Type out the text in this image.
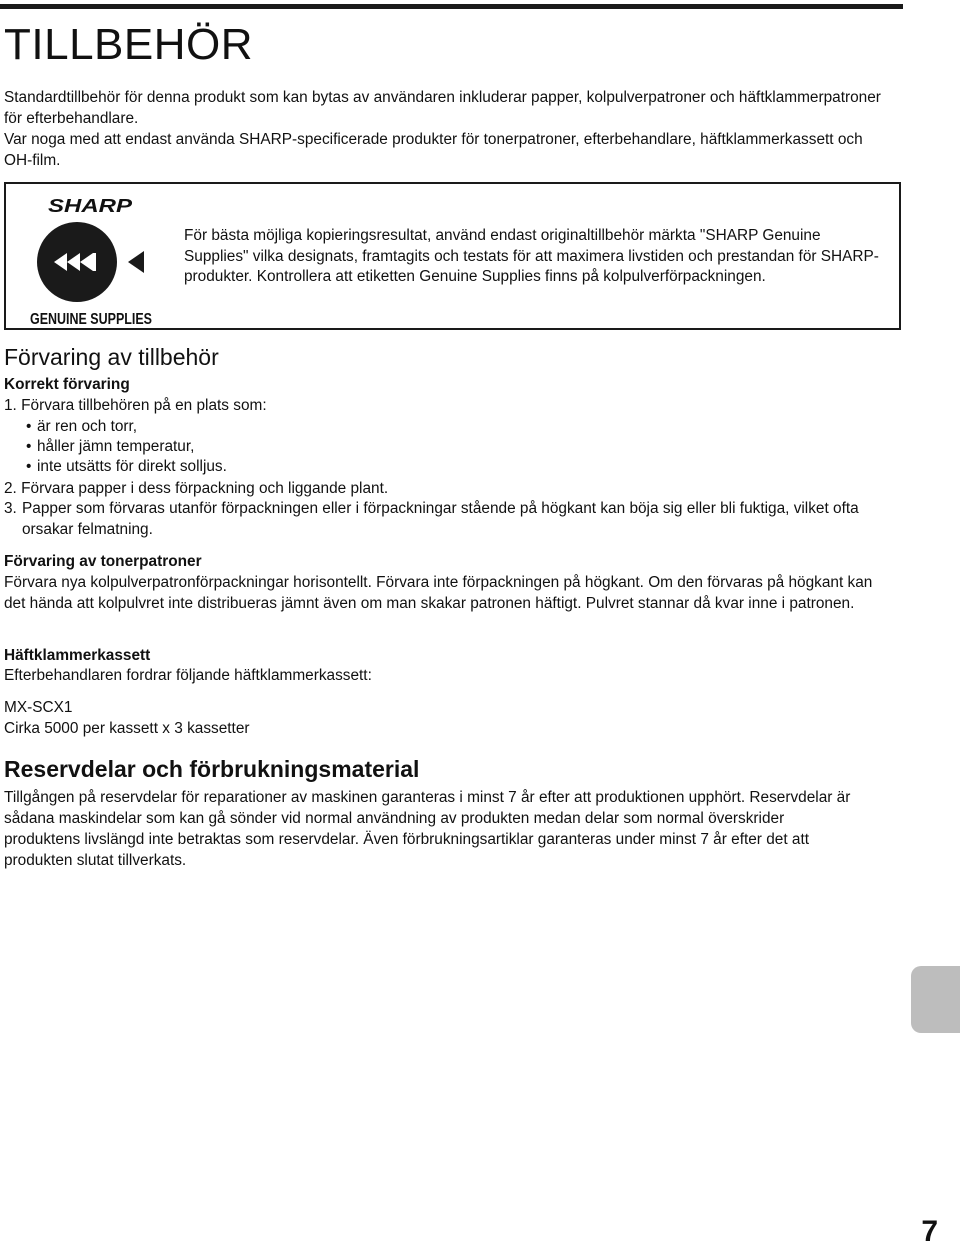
TILLBEHÖR
Standardtillbehör för denna produkt som kan bytas av användaren inkluderar papper, kolpulverpatroner och häftklammerpatroner för efterbehandlare.
Var noga med att endast använda SHARP-specificerade produkter för tonerpatroner, efterbehandlare, häftklammerkassett och OH-film.
SHARP
GENUINE SUPPLIES

För bästa möjliga kopieringsresultat, använd endast originaltillbehör märkta "SHARP Genuine Supplies" vilka designats, framtagits och testats för att maximera livstiden och prestandan för SHARP-produkter. Kontrollera att etiketten Genuine Supplies finns på kolpulverförpackningen.

Förvaring av tillbehör
Korrekt förvaring

1. Förvara tillbehören på en plats som:

• är ren och torr,

• håller jämn temperatur,

• inte utsätts för direkt solljus.

2. Förvara papper i dess förpackning och liggande plant.

3. Papper som förvaras utanför förpackningen eller i förpackningar stående på högkant kan böja sig eller bli fuktiga, vilket ofta orsakar felmatning.

Förvaring av tonerpatroner

Förvara nya kolpulverpatronförpackningar horisontellt. Förvara inte förpackningen på högkant. Om den förvaras på högkant kan det hända att kolpulvret inte distribueras jämnt även om man skakar patronen häftigt. Pulvret stannar då kvar inne i patronen.

Häftklammerkassett

Efterbehandlaren fordrar följande häftklammerkassett:

MX-SCX1

Cirka 5000 per kassett x 3 kassetter

Reservdelar och förbrukningsmaterial

Tillgången på reservdelar för reparationer av maskinen garanteras i minst 7 år efter att produktionen upphört. Reservdelar är sådana maskindelar som kan gå sönder vid normal användning av produkten medan delar som normal överskrider produktens livslängd inte betraktas som reservdelar. Även förbrukningsartiklar garanteras under minst 7 år efter det att produkten slutat tillverkats.

7
